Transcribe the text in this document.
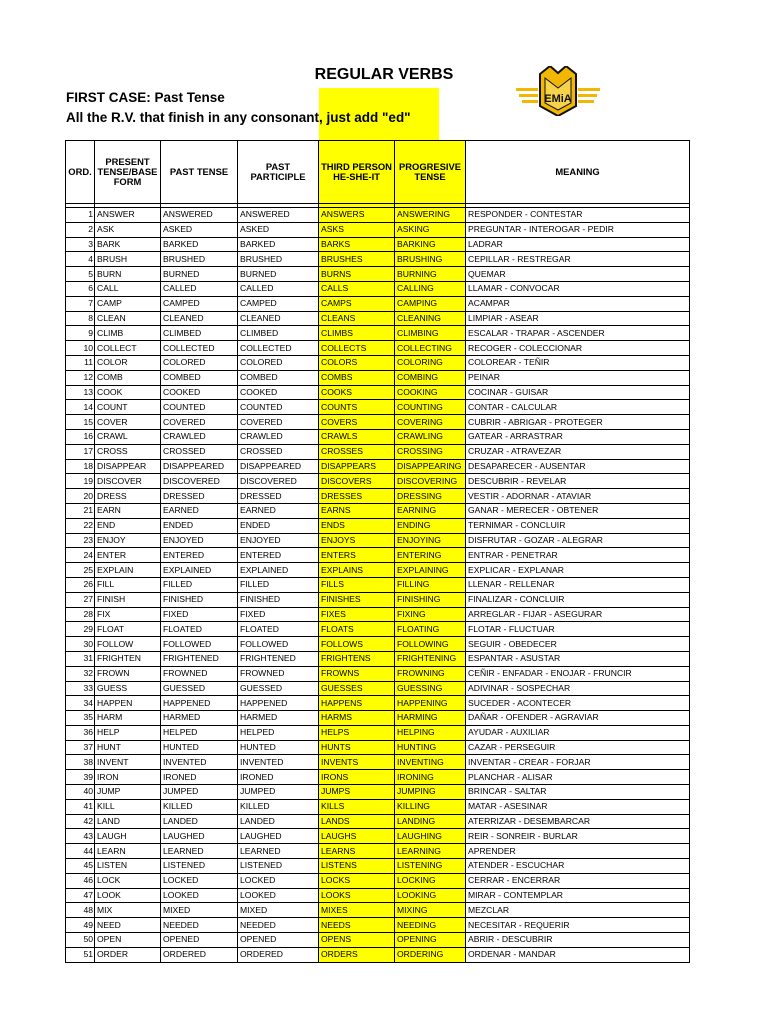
REGULAR VERBS
FIRST CASE: Past Tense
All the R.V. that finish in any consonant, just add "ed"
EMiA
ORD.	PRESENT TENSE/BASE FORM	PAST TENSE	PAST PARTICIPLE	THIRD PERSON HE-SHE-IT	PROGRESIVE TENSE	MEANING

1	ANSWER	ANSWERED	ANSWERED	ANSWERS	ANSWERING	RESPONDER - CONTESTAR
2	ASK	ASKED	ASKED	ASKS	ASKING	PREGUNTAR - INTEROGAR - PEDIR
3	BARK	BARKED	BARKED	BARKS	BARKING	LADRAR
4	BRUSH	BRUSHED	BRUSHED	BRUSHES	BRUSHING	CEPILLAR - RESTREGAR
5	BURN	BURNED	BURNED	BURNS	BURNING	QUEMAR
6	CALL	CALLED	CALLED	CALLS	CALLING	LLAMAR - CONVOCAR
7	CAMP	CAMPED	CAMPED	CAMPS	CAMPING	ACAMPAR
8	CLEAN	CLEANED	CLEANED	CLEANS	CLEANING	LIMPIAR - ASEAR
9	CLIMB	CLIMBED	CLIMBED	CLIMBS	CLIMBING	ESCALAR - TRAPAR - ASCENDER
10	COLLECT	COLLECTED	COLLECTED	COLLECTS	COLLECTING	RECOGER - COLECCIONAR
11	COLOR	COLORED	COLORED	COLORS	COLORING	COLOREAR - TEÑIR
12	COMB	COMBED	COMBED	COMBS	COMBING	PEINAR
13	COOK	COOKED	COOKED	COOKS	COOKING	COCINAR - GUISAR
14	COUNT	COUNTED	COUNTED	COUNTS	COUNTING	CONTAR - CALCULAR
15	COVER	COVERED	COVERED	COVERS	COVERING	CUBRIR - ABRIGAR - PROTEGER
16	CRAWL	CRAWLED	CRAWLED	CRAWLS	CRAWLING	GATEAR - ARRASTRAR
17	CROSS	CROSSED	CROSSED	CROSSES	CROSSING	CRUZAR - ATRAVEZAR
18	DISAPPEAR	DISAPPEARED	DISAPPEARED	DISAPPEARS	DISAPPEARING	DESAPARECER - AUSENTAR
19	DISCOVER	DISCOVERED	DISCOVERED	DISCOVERS	DISCOVERING	DESCUBRIR - REVELAR
20	DRESS	DRESSED	DRESSED	DRESSES	DRESSING	VESTIR - ADORNAR - ATAVIAR
21	EARN	EARNED	EARNED	EARNS	EARNING	GANAR - MERECER - OBTENER
22	END	ENDED	ENDED	ENDS	ENDING	TERNIMAR - CONCLUIR
23	ENJOY	ENJOYED	ENJOYED	ENJOYS	ENJOYING	DISFRUTAR - GOZAR - ALEGRAR
24	ENTER	ENTERED	ENTERED	ENTERS	ENTERING	ENTRAR - PENETRAR
25	EXPLAIN	EXPLAINED	EXPLAINED	EXPLAINS	EXPLAINING	EXPLICAR - EXPLANAR
26	FILL	FILLED	FILLED	FILLS	FILLING	LLENAR - RELLENAR
27	FINISH	FINISHED	FINISHED	FINISHES	FINISHING	FINALIZAR - CONCLUIR
28	FIX	FIXED	FIXED	FIXES	FIXING	ARREGLAR - FIJAR - ASEGURAR
29	FLOAT	FLOATED	FLOATED	FLOATS	FLOATING	FLOTAR - FLUCTUAR
30	FOLLOW	FOLLOWED	FOLLOWED	FOLLOWS	FOLLOWING	SEGUIR - OBEDECER
31	FRIGHTEN	FRIGHTENED	FRIGHTENED	FRIGHTENS	FRIGHTENING	ESPANTAR - ASUSTAR
32	FROWN	FROWNED	FROWNED	FROWNS	FROWNING	CEÑIR - ENFADAR - ENOJAR - FRUNCIR
33	GUESS	GUESSED	GUESSED	GUESSES	GUESSING	ADIVINAR - SOSPECHAR
34	HAPPEN	HAPPENED	HAPPENED	HAPPENS	HAPPENING	SUCEDER - ACONTECER
35	HARM	HARMED	HARMED	HARMS	HARMING	DAÑAR - OFENDER - AGRAVIAR
36	HELP	HELPED	HELPED	HELPS	HELPING	AYUDAR - AUXILIAR
37	HUNT	HUNTED	HUNTED	HUNTS	HUNTING	CAZAR - PERSEGUIR
38	INVENT	INVENTED	INVENTED	INVENTS	INVENTING	INVENTAR - CREAR - FORJAR
39	IRON	IRONED	IRONED	IRONS	IRONING	PLANCHAR - ALISAR
40	JUMP	JUMPED	JUMPED	JUMPS	JUMPING	BRINCAR - SALTAR
41	KILL	KILLED	KILLED	KILLS	KILLING	MATAR - ASESINAR
42	LAND	LANDED	LANDED	LANDS	LANDING	ATERRIZAR - DESEMBARCAR
43	LAUGH	LAUGHED	LAUGHED	LAUGHS	LAUGHING	REIR - SONREIR - BURLAR
44	LEARN	LEARNED	LEARNED	LEARNS	LEARNING	APRENDER
45	LISTEN	LISTENED	LISTENED	LISTENS	LISTENING	ATENDER - ESCUCHAR
46	LOCK	LOCKED	LOCKED	LOCKS	LOCKING	CERRAR - ENCERRAR
47	LOOK	LOOKED	LOOKED	LOOKS	LOOKING	MIRAR - CONTEMPLAR
48	MIX	MIXED	MIXED	MIXES	MIXING	MEZCLAR
49	NEED	NEEDED	NEEDED	NEEDS	NEEDING	NECESITAR - REQUERIR
50	OPEN	OPENED	OPENED	OPENS	OPENING	ABRIR - DESCUBRIR
51	ORDER	ORDERED	ORDERED	ORDERS	ORDERING	ORDENAR - MANDAR
